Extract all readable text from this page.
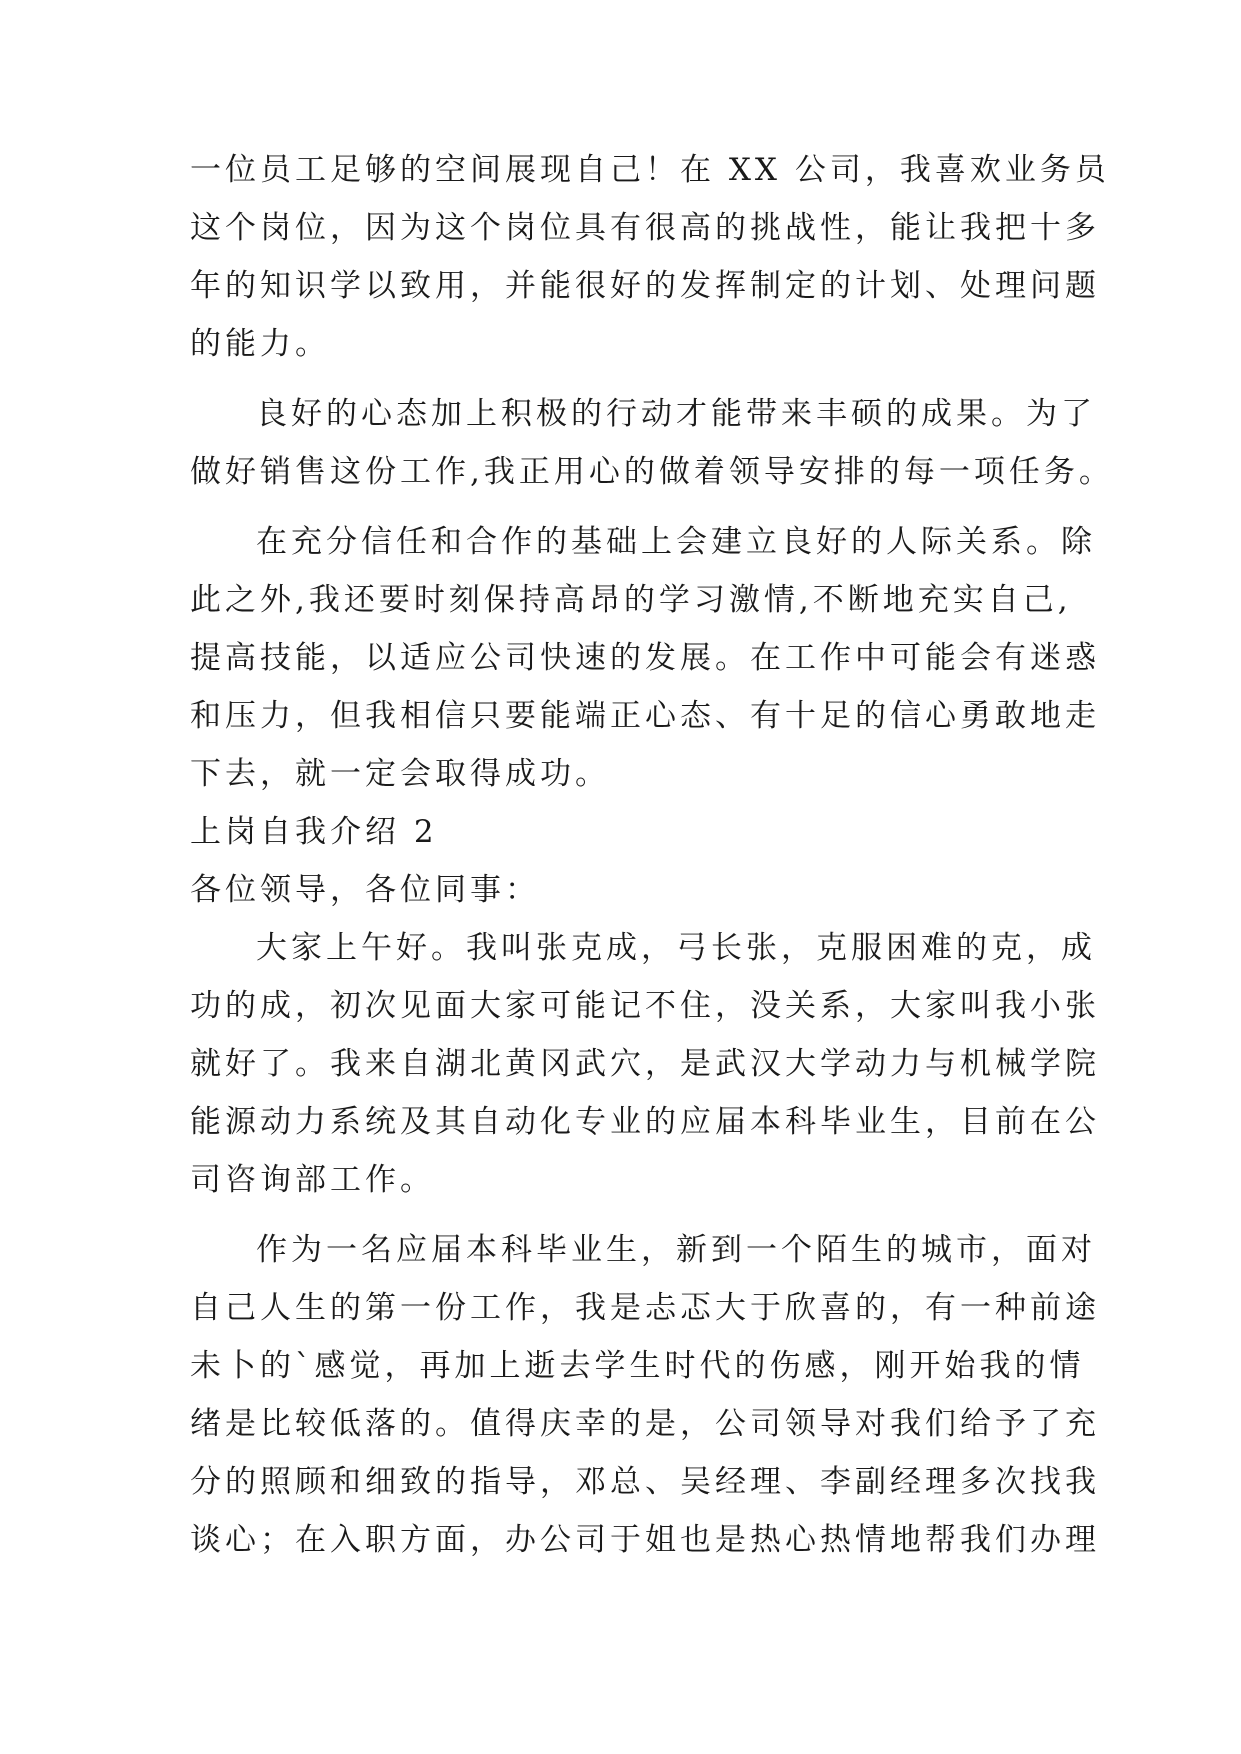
一位员工足够的空间展现自己！在 XX 公司，我喜欢业务员

这个岗位，因为这个岗位具有很高的挑战性，能让我把十多

年的知识学以致用，并能很好的发挥制定的计划、处理问题

的能力。

良好的心态加上积极的行动才能带来丰硕的成果。为了

做好销售这份工作,我正用心的做着领导安排的每一项任务。

在充分信任和合作的基础上会建立良好的人际关系。除

此之外,我还要时刻保持高昂的学习激情,不断地充实自己,

提高技能，以适应公司快速的发展。在工作中可能会有迷惑

和压力，但我相信只要能端正心态、有十足的信心勇敢地走

下去，就一定会取得成功。

上岗自我介绍 2

各位领导，各位同事：

大家上午好。我叫张克成，弓长张，克服困难的克，成

功的成，初次见面大家可能记不住，没关系，大家叫我小张

就好了。我来自湖北黄冈武穴，是武汉大学动力与机械学院

能源动力系统及其自动化专业的应届本科毕业生，目前在公

司咨询部工作。

作为一名应届本科毕业生，新到一个陌生的城市，面对

自己人生的第一份工作，我是忐忑大于欣喜的，有一种前途

未卜的`感觉，再加上逝去学生时代的伤感，刚开始我的情

绪是比较低落的。值得庆幸的是，公司领导对我们给予了充

分的照顾和细致的指导，邓总、吴经理、李副经理多次找我

谈心；在入职方面，办公司于姐也是热心热情地帮我们办理
